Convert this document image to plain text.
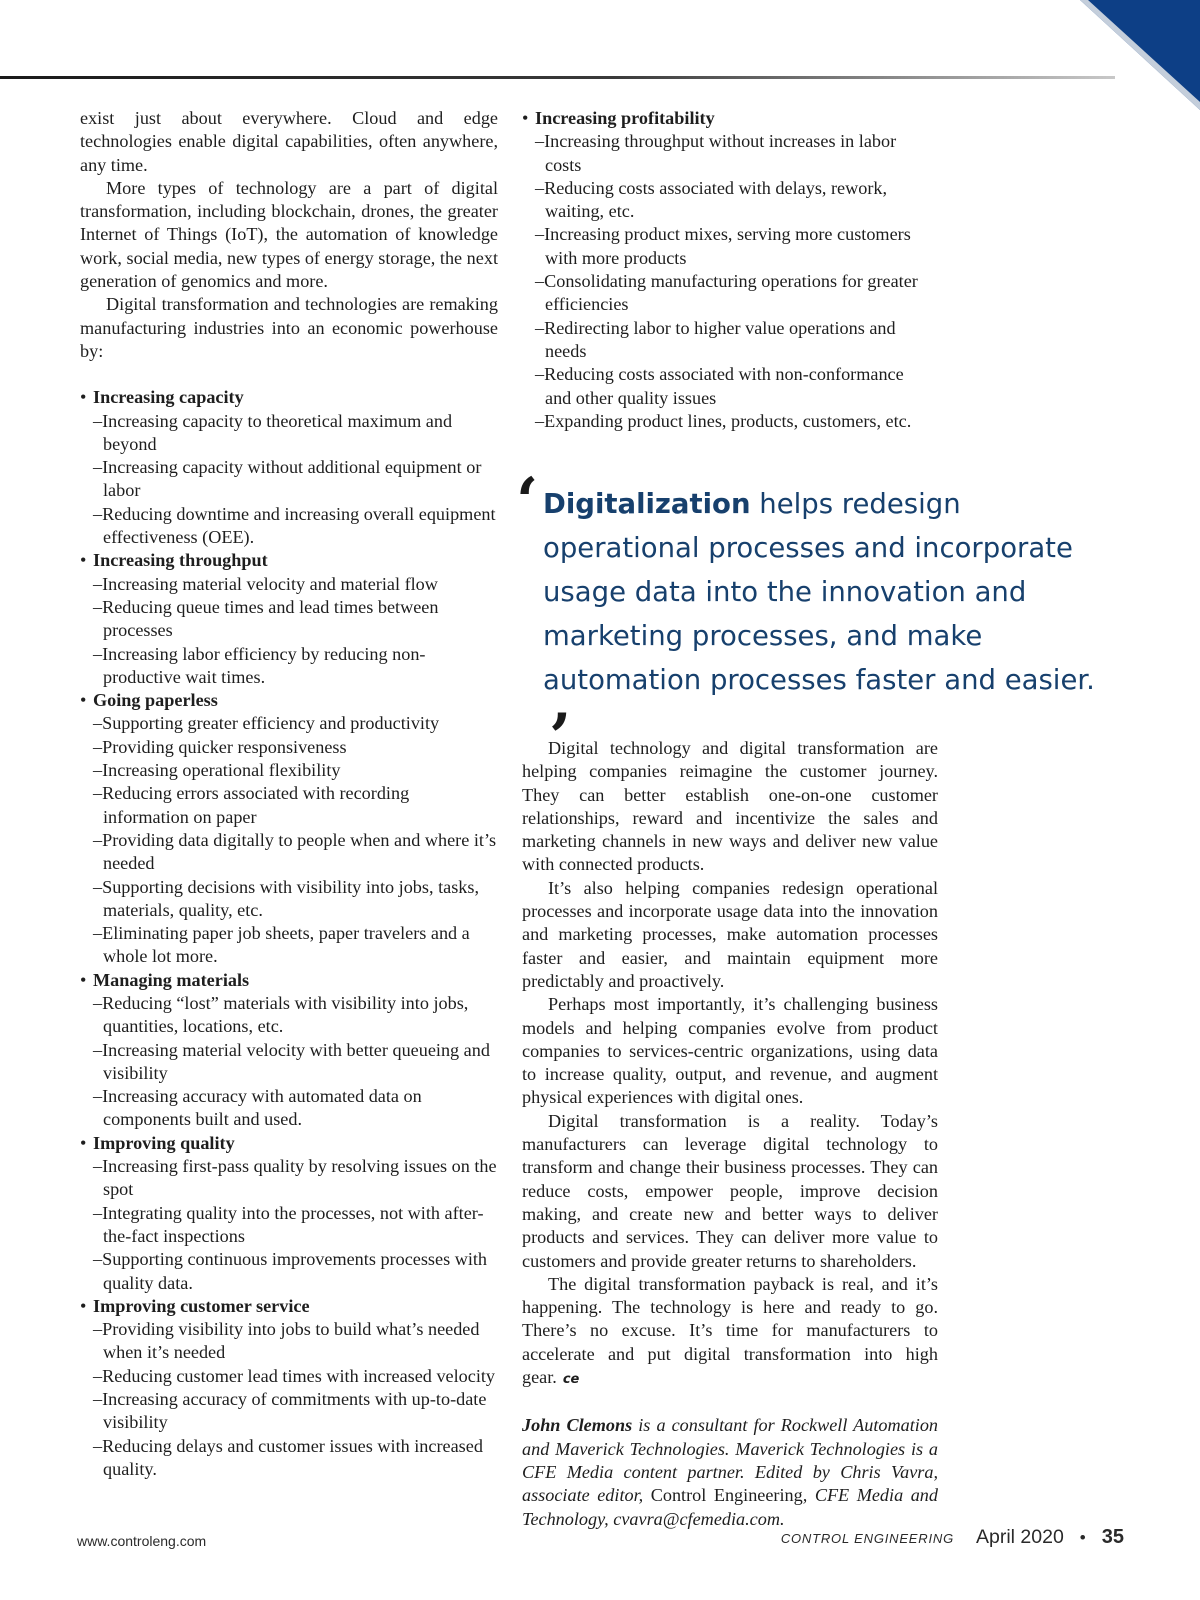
exist just about everywhere. Cloud and edge technologies enable digital capabilities, often anywhere, any time.

More types of technology are a part of digital transformation, including blockchain, drones, the greater Internet of Things (IoT), the automation of knowledge work, social media, new types of energy storage, the next generation of genomics and more.

Digital transformation and technologies are remaking manufacturing industries into an economic powerhouse by:

• Increasing capacity
–Increasing capacity to theoretical maximum and beyond
–Increasing capacity without additional equipment or labor
–Reducing downtime and increasing overall equipment effectiveness (OEE).
• Increasing throughput
–Increasing material velocity and material flow
–Reducing queue times and lead times between processes
–Increasing labor efficiency by reducing non-productive wait times.
• Going paperless
–Supporting greater efficiency and productivity
–Providing quicker responsiveness
–Increasing operational flexibility
–Reducing errors associated with recording information on paper
–Providing data digitally to people when and where it’s needed
–Supporting decisions with visibility into jobs, tasks, materials, quality, etc.
–Eliminating paper job sheets, paper travelers and a whole lot more.
• Managing materials
–Reducing “lost” materials with visibility into jobs, quantities, locations, etc.
–Increasing material velocity with better queueing and visibility
–Increasing accuracy with automated data on components built and used.
• Improving quality
–Increasing first-pass quality by resolving issues on the spot
–Integrating quality into the processes, not with after-the-fact inspections
–Supporting continuous improvements processes with quality data.
• Improving customer service
–Providing visibility into jobs to build what’s needed when it’s needed
–Reducing customer lead times with increased velocity
–Increasing accuracy of commitments with up-to-date visibility
–Reducing delays and customer issues with increased quality.
• Increasing profitability
–Increasing throughput without increases in labor costs
–Reducing costs associated with delays, rework, waiting, etc.
–Increasing product mixes, serving more customers with more products
–Consolidating manufacturing operations for greater efficiencies
–Redirecting labor to higher value operations and needs
–Reducing costs associated with non-conformance and other quality issues
–Expanding product lines, products, customers, etc.
‘ Digitalization helps redesign operational processes and incorporate usage data into the innovation and marketing processes, and make automation processes faster and easier.’

Digital technology and digital transformation are helping companies reimagine the customer journey. They can better establish one-on-one customer relationships, reward and incentivize the sales and marketing channels in new ways and deliver new value with connected products.

It’s also helping companies redesign operational processes and incorporate usage data into the innovation and marketing processes, make automation processes faster and easier, and maintain equipment more predictably and proactively.

Perhaps most importantly, it’s challenging business models and helping companies evolve from product companies to services-centric organizations, using data to increase quality, output, and revenue, and augment physical experiences with digital ones.

Digital transformation is a reality. Today’s manufacturers can leverage digital technology to transform and change their business processes. They can reduce costs, empower people, improve decision making, and create new and better ways to deliver products and services. They can deliver more value to customers and provide greater returns to shareholders.

The digital transformation payback is real, and it’s happening. The technology is here and ready to go. There’s no excuse. It’s time for manufacturers to accelerate and put digital transformation into high gear. ce

John Clemons is a consultant for Rockwell Automation and Maverick Technologies. Maverick Technologies is a CFE Media content partner. Edited by Chris Vavra, associate editor, Control Engineering, CFE Media and Technology, cvavra@cfemedia.com.

www.controleng.com	CONTROL ENGINEERING April 2020 • 35
